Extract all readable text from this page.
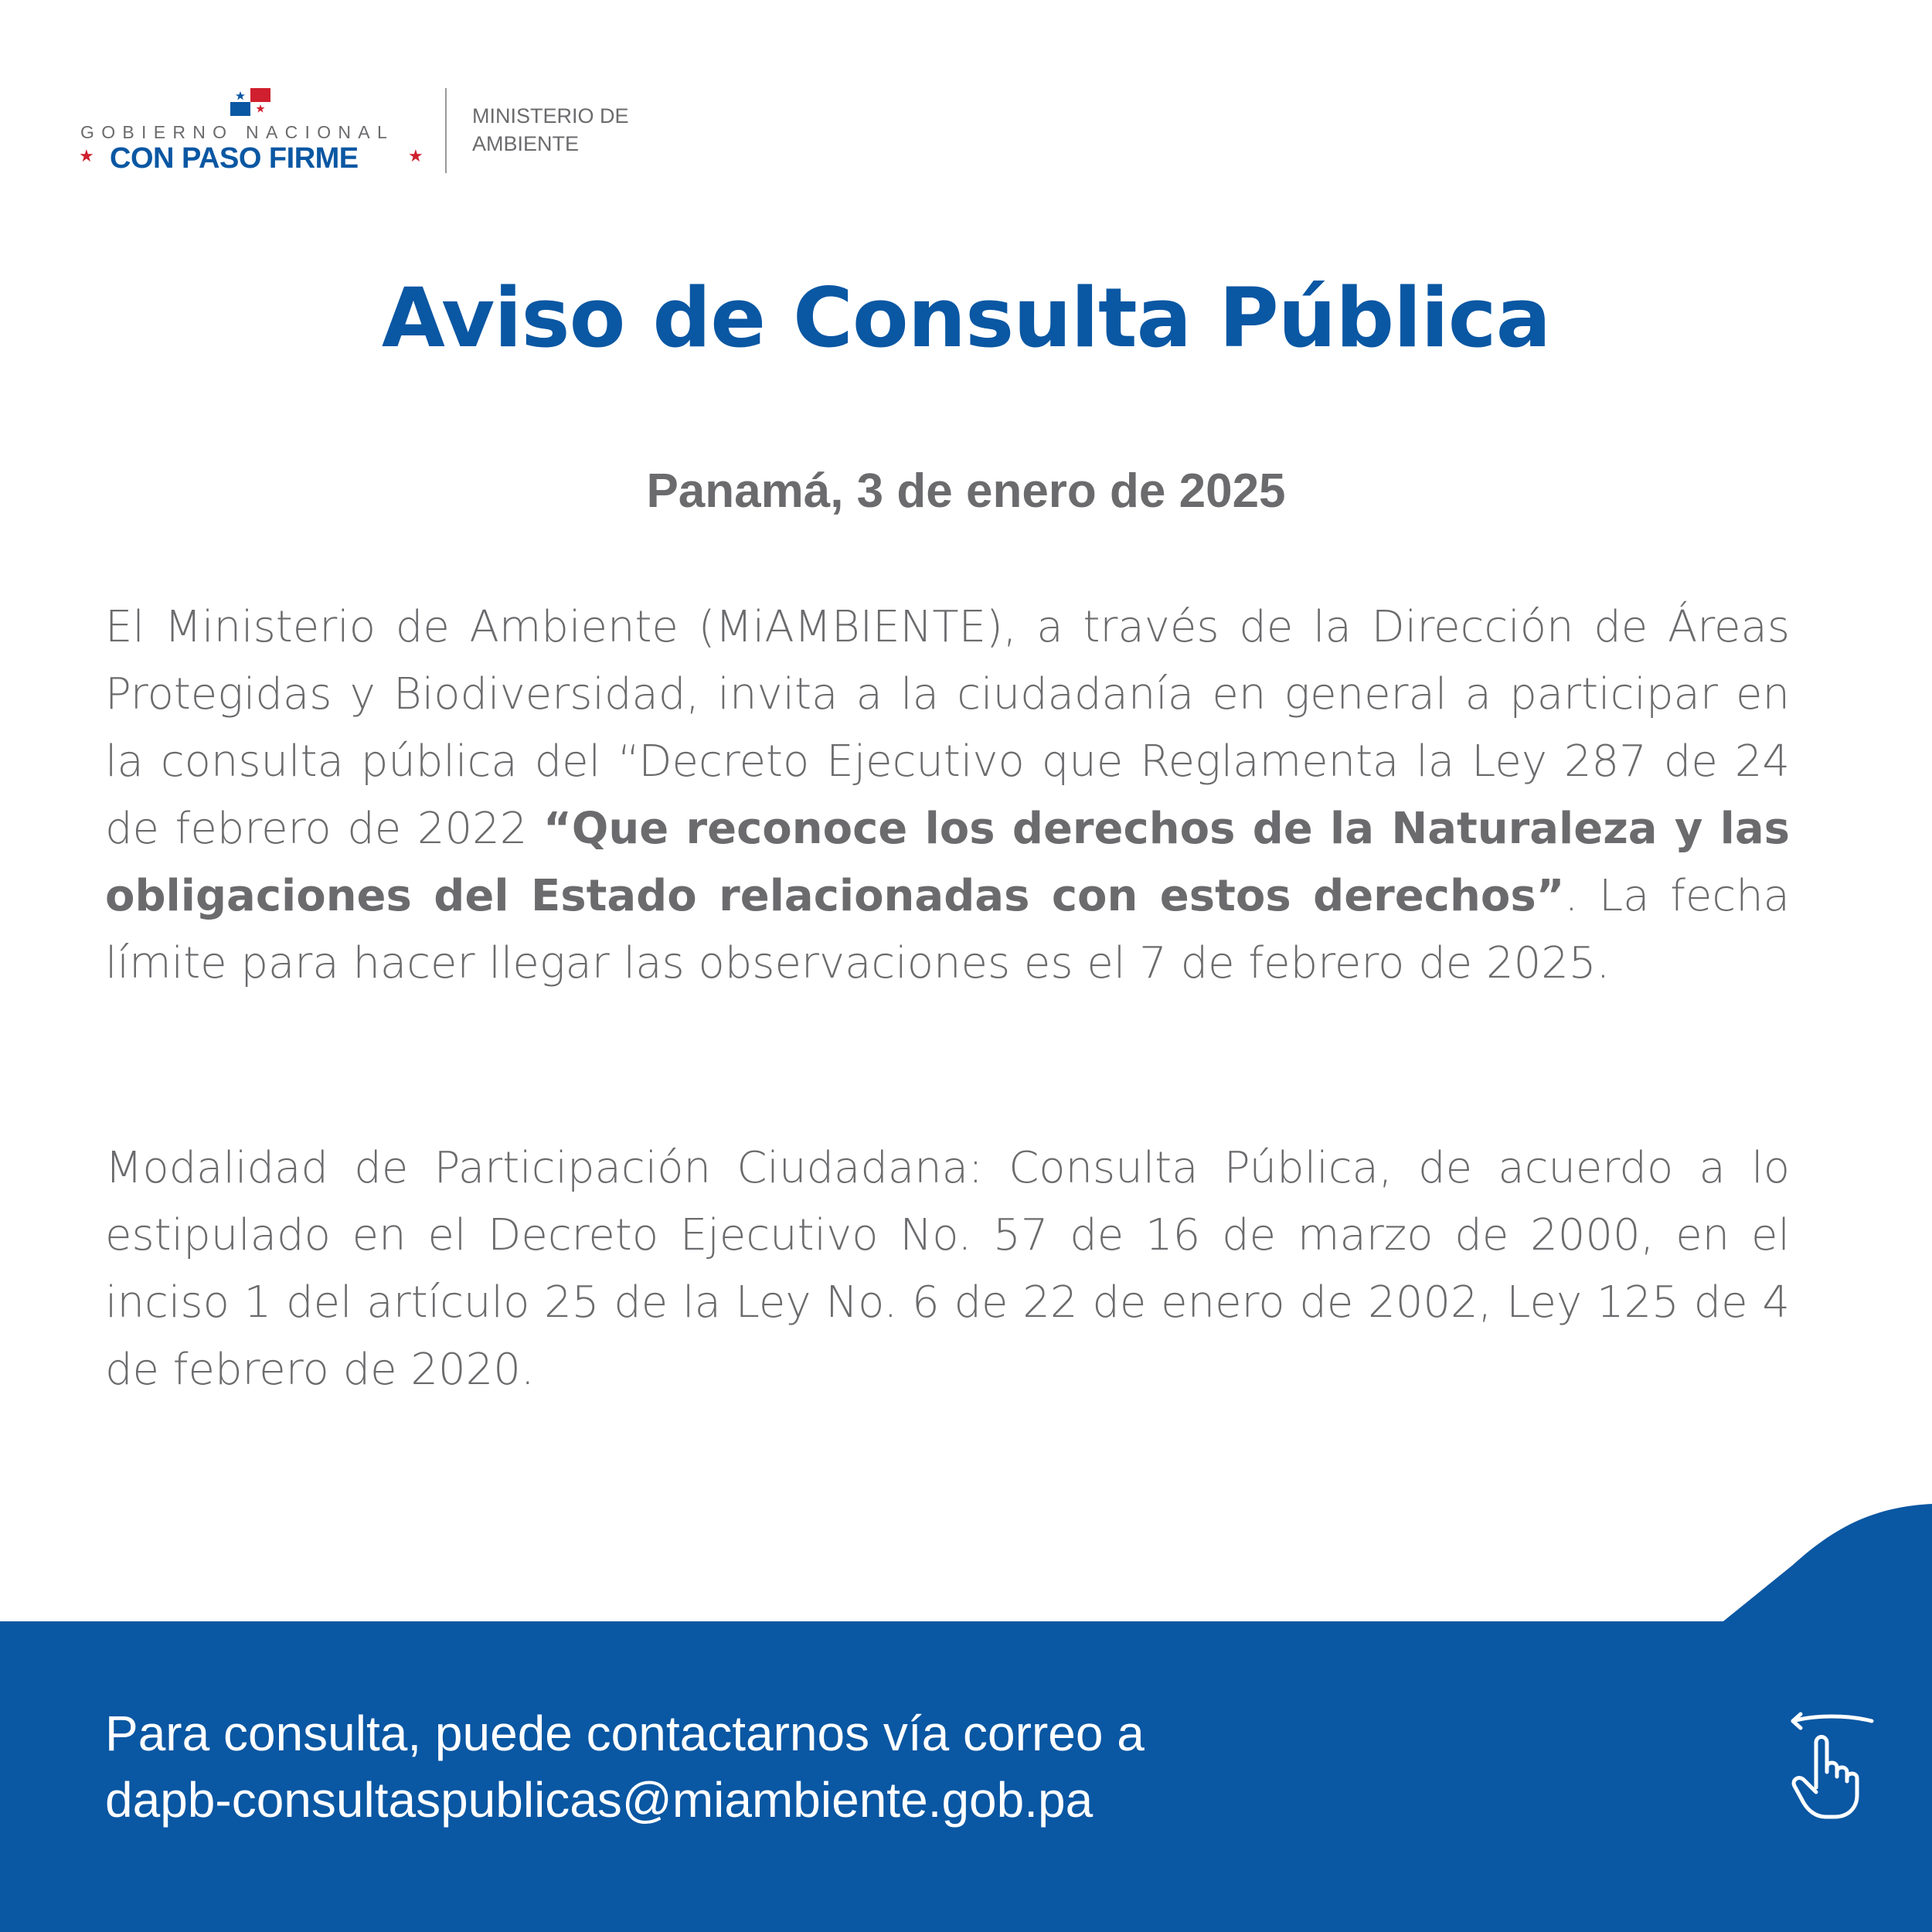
GOBIERNO NACIONAL
★ CON PASO FIRME	★
MINISTERIO DE
AMBIENTE
Aviso de Consulta Pública
Panamá, 3 de enero de 2025
El Ministerio de Ambiente (MiAMBIENTE), a través de la Dirección de Áreas Protegidas y Biodiversidad, invita a la ciudadanía en general a participar en la consulta pública del “Decreto Ejecutivo que Reglamenta la Ley 287 de 24 de febrero de 2022 “Que reconoce los derechos de la Naturaleza y las obligaciones del Estado relacionadas con estos derechos”. La fecha límite para hacer llegar las observaciones es el 7 de febrero de 2025.
Modalidad de Participación Ciudadana: Consulta Pública, de acuerdo a lo estipulado en el Decreto Ejecutivo No. 57 de 16 de marzo de 2000, en el inciso 1 del artículo 25 de la Ley No. 6 de 22 de enero de 2002, Ley 125 de 4 de febrero de 2020.
Para consulta, puede contactarnos vía correo a
dapb-consultaspublicas@miambiente.gob.pa
